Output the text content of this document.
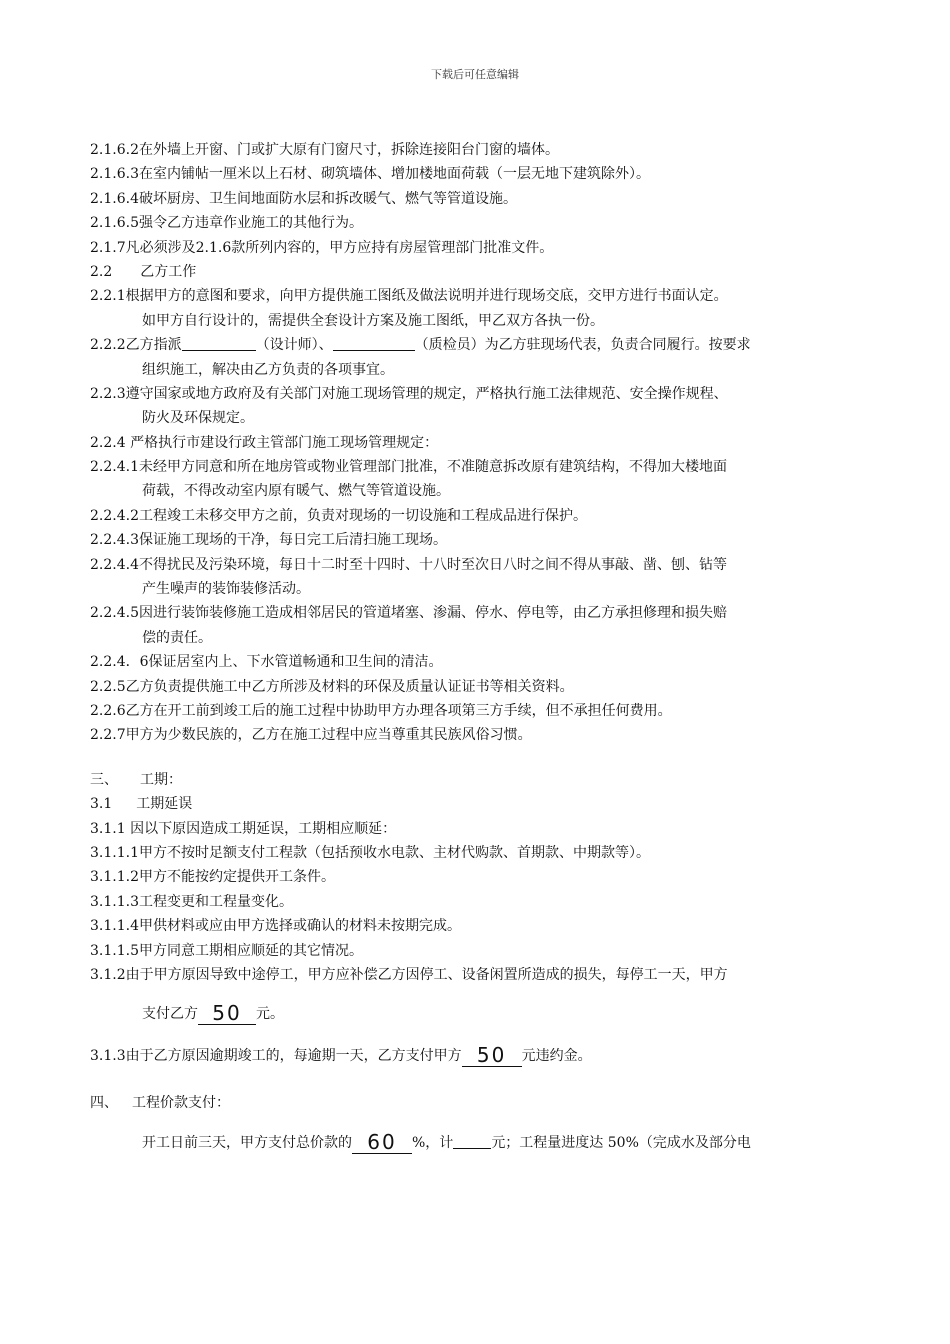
下载后可任意编辑
2.1.6.2在外墙上开窗、门或扩大原有门窗尺寸，拆除连接阳台门窗的墙体。
2.1.6.3在室内铺帖一厘米以上石材、砌筑墙体、增加楼地面荷载（一层无地下建筑除外）。
2.1.6.4破坏厨房、卫生间地面防水层和拆改暖气、燃气等管道设施。
2.1.6.5强令乙方违章作业施工的其他行为。
2.1.7凡必须涉及2.1.6款所列内容的，甲方应持有房屋管理部门批准文件。
2.2 乙方工作
2.2.1根据甲方的意图和要求，向甲方提供施工图纸及做法说明并进行现场交底，交甲方进行书面认定。
如甲方自行设计的，需提供全套设计方案及施工图纸，甲乙双方各执一份。
2.2.2乙方指派	（设计师）、	（质检员）为乙方驻现场代表，负责合同履行。按要求
组织施工，解决由乙方负责的各项事宜。
2.2.3遵守国家或地方政府及有关部门对施工现场管理的规定，严格执行施工法律规范、安全操作规程、
防火及环保规定。
2.2.4 严格执行市建设行政主管部门施工现场管理规定：
2.2.4.1未经甲方同意和所在地房管或物业管理部门批准，不准随意拆改原有建筑结构，不得加大楼地面
荷载，不得改动室内原有暖气、燃气等管道设施。
2.2.4.2工程竣工未移交甲方之前，负责对现场的一切设施和工程成品进行保护。
2.2.4.3保证施工现场的干净，每日完工后清扫施工现场。
2.2.4.4不得扰民及污染环境，每日十二时至十四时、十八时至次日八时之间不得从事敲、凿、刨、钻等
产生噪声的装饰装修活动。
2.2.4.5因进行装饰装修施工造成相邻居民的管道堵塞、渗漏、停水、停电等，由乙方承担修理和损失赔
偿的责任。
2.2.4．6保证居室内上、下水管道畅通和卫生间的清洁。
2.2.5乙方负责提供施工中乙方所涉及材料的环保及质量认证证书等相关资料。
2.2.6乙方在开工前到竣工后的施工过程中协助甲方办理各项第三方手续，但不承担任何费用。
2.2.7甲方为少数民族的，乙方在施工过程中应当尊重其民族风俗习惯。
三、 工期：
3.1 工期延误
3.1.1 因以下原因造成工期延误，工期相应顺延：
3.1.1.1甲方不按时足额支付工程款（包括预收水电款、主材代购款、首期款、中期款等）。
3.1.1.2甲方不能按约定提供开工条件。
3.1.1.3工程变更和工程量变化。
3.1.1.4甲供材料或应由甲方选择或确认的材料未按期完成。
3.1.1.5甲方同意工期相应顺延的其它情况。
3.1.2由于甲方原因导致中途停工，甲方应补偿乙方因停工、设备闲置所造成的损失，每停工一天，甲方
支付乙方 50 元。
3.1.3由于乙方原因逾期竣工的，每逾期一天，乙方支付甲方 50 元违约金。
四、 工程价款支付：
开工日前三天，甲方支付总价款的 60 %，计	元；工程量进度达 50%（完成水及部分电
